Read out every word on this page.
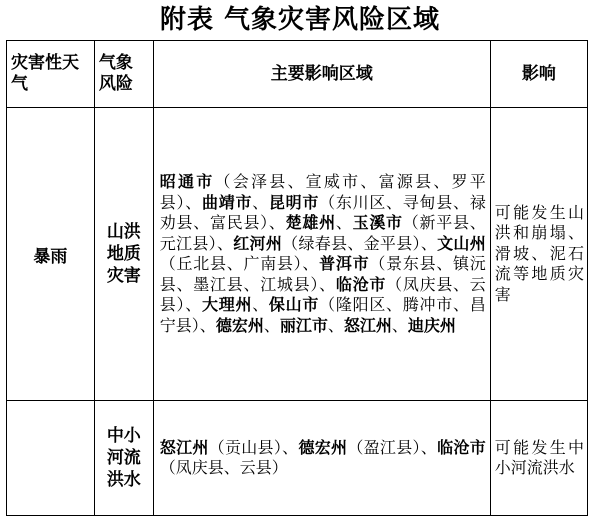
附表 气象灾害风险区域
灾害性天气	气象风险	主要影响区域	影响
暴雨	山洪地质灾害	昭通市（会泽县、宣威市、富源县、罗平县）、曲靖市、昆明市（东川区、寻甸县、禄劝县、富民县）、楚雄州、玉溪市（新平县、元江县）、红河州（绿春县、金平县）、文山州（丘北县、广南县）、普洱市（景东县、镇沅县、墨江县、江城县）、临沧市（凤庆县、云县）、大理州、保山市（隆阳区、腾冲市、昌宁县）、德宏州、丽江市、怒江州、迪庆州	可能发生山洪和崩塌、滑坡、泥石流等地质灾害
	中小河流洪水	怒江州（贡山县）、德宏州（盈江县）、临沧市（凤庆县、云县）	可能发生中小河流洪水
